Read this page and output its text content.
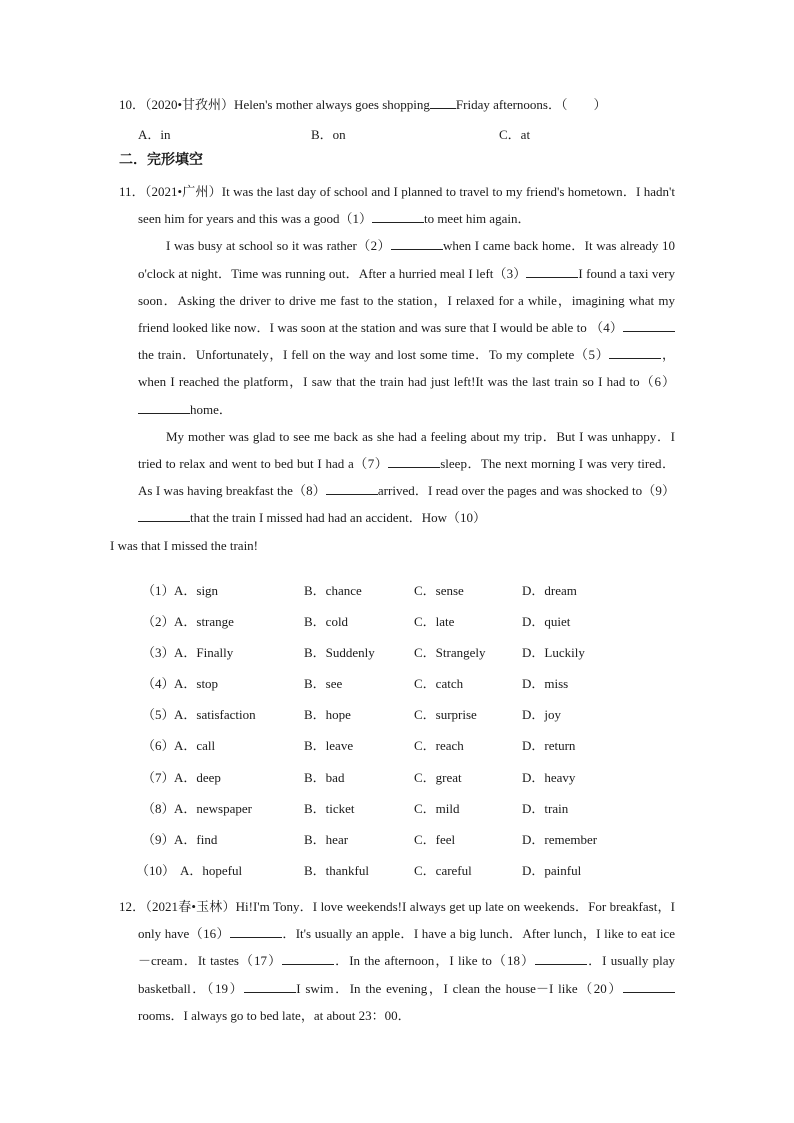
10．（2020•甘孜州）Helen's mother always goes shopping Friday afternoons．（　　）
A．in	B．on	C．at
二．完形填空

11．（2021•广州）It was the last day of school and I planned to travel to my friend's hometown．I hadn't seen him for years and this was a good（1）	to meet him again．

I was busy at school so it was rather（2）	when I came back home．It was already 10 o'clock at night．Time was running out．After a hurried meal I left（3）	I found a taxi very soon．Asking the driver to drive me fast to the station，I relaxed for a while，imagining what my friend looked like now．I was soon at the station and was sure that I would be able to （4）the train．Unfortunately，I fell on the way and lost some time．To my complete（5）	，when I reached the platform，I saw that the train had just left!It was the last train so I had to（6）home．

My mother was glad to see me back as she had a feeling about my trip．But I was unhappy．I tried to relax and went to bed but I had a（7）	sleep．The next morning I was very tired．As I was having breakfast the（8）	arrived．I read over the pages and was shocked to（9）that the train I missed had had an accident．How（10）
I was that I missed the train!

（1） A．sign	B．chance	C．sense	D．dream
（2） A．strange	B．cold	C．late	D．quiet
（3） A．Finally	B．Suddenly	C．Strangely	D．Luckily
（4） A．stop	B．see	C．catch	D．miss
（5） A．satisfaction	B．hope	C．surprise	D．joy
（6） A．call	B．leave	C．reach	D．return
（7） A．deep	B．bad	C．great	D．heavy
（8） A．newspaper	B．ticket	C．mild	D．train
（9） A．find	B．hear	C．feel	D．remember
（10） A．hopeful	B．thankful	C．careful	D．painful
12．（2021春•玉林）Hi!I'm Tony．I love weekends!I always get up late on weekends．For breakfast，I only have（16）	．It's usually an apple．I have a big lunch．After lunch，I like to eat ice－cream．It tastes（17）	．In the afternoon，I like to（18）	．I usually play basketball．（19）	I swim．In the evening，I clean the house－I like（20）rooms．I always go to bed late，at about 23：00．
